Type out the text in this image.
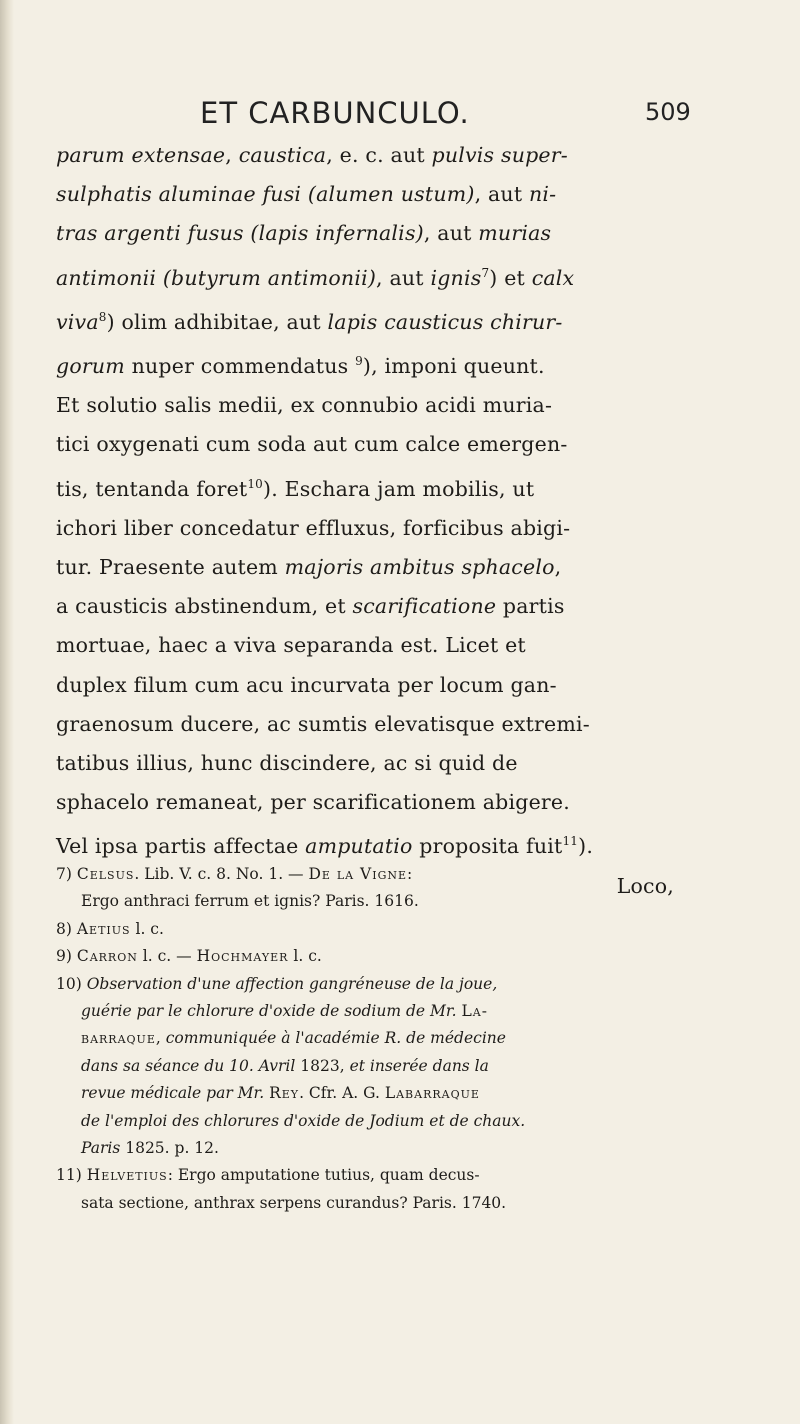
ET CARBUNCULO.	509
parum extensae, caustica, e. c. aut pulvis super-
sulphatis aluminae fusi (alumen ustum), aut ni-
tras argenti fusus (lapis infernalis), aut murias
antimonii (butyrum antimonii), aut ignis$^7$) et calx
viva$^8$) olim adhibitae, aut lapis causticus chirur-
gorum nuper commendatus $^9$), imponi queunt.
Et solutio salis medii, ex connubio acidi muria-
tici oxygenati cum soda aut cum calce emergen-
tis, tentanda foret$^{10}$). Eschara jam mobilis, ut
ichori liber concedatur effluxus, forficibus abigi-
tur. Praesente autem majoris ambitus sphacelo,
a causticis abstinendum, et scarificatione partis
mortuae, haec a viva separanda est. Licet et
duplex filum cum acu incurvata per locum gan-
graenosum ducere, ac sumtis elevatisque extremi-
tatibus illius, hunc discindere, ac si quid de
sphacelo remaneat, per scarificationem abigere.
Vel ipsa partis affectae amputatio proposita fuit$^{11}$).
Loco,
7) Celsus. Lib. V. c. 8. No. 1. — De la Vigne:
Ergo anthraci ferrum et ignis? Paris. 1616.
8) Aetius l. c.
9) Carron l. c. — Hochmayer l. c.
10) Observation d'une affection gangréneuse de la joue,
guérie par le chlorure d'oxide de sodium de Mr. La-
barraque, communiquée à l'académie R. de médecine
dans sa séance du 10. Avril 1823, et inserée dans la
revue médicale par Mr. Rey. Cfr. A. G. Labarraque
de l'emploi des chlorures d'oxide de Jodium et de chaux.
Paris 1825. p. 12.
11) Helvetius: Ergo amputatione tutius, quam decus-
sata sectione, anthrax serpens curandus? Paris. 1740.
